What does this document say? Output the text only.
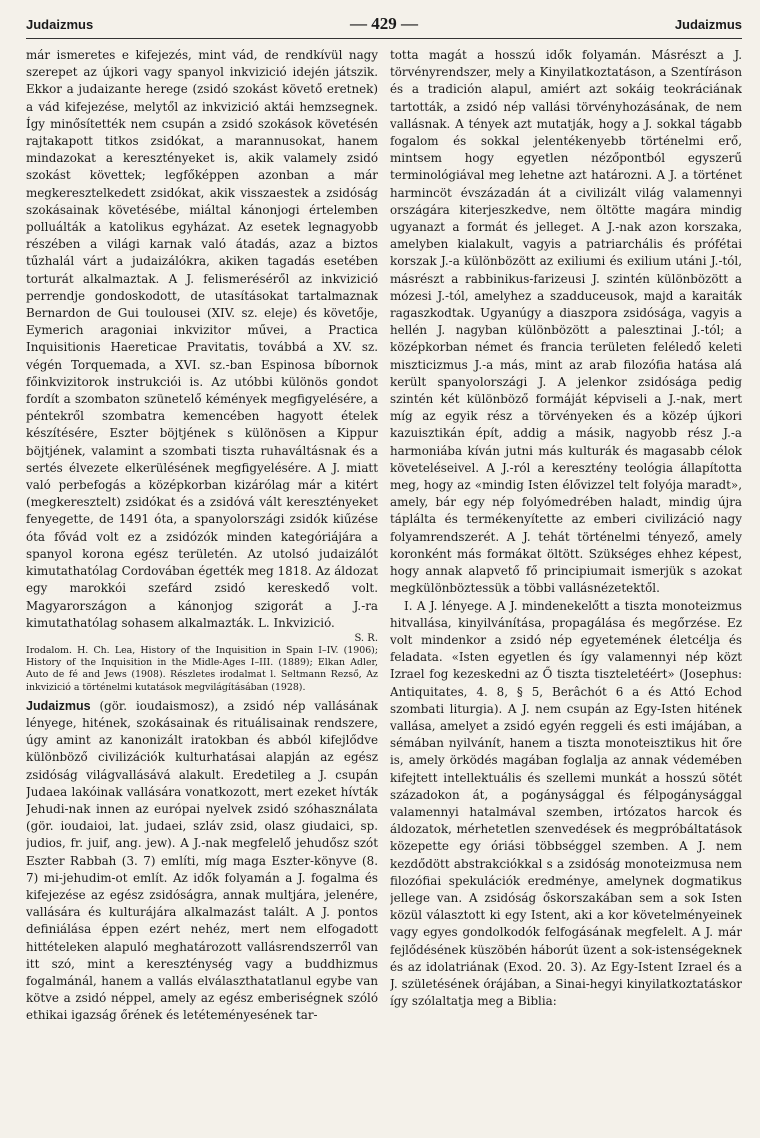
Judaizmus	— 429 —	Judaizmus

már ismeretes e kifejezés, mint vád, de rendkívül nagy szerepet az újkori vagy spanyol inkvizició idején játszik. Ekkor a judaizante herege (zsidó szokást követő eretnek) a vád kifejezése, melytől az inkvizició aktái hemzsegnek. Így minősítették nem csupán a zsidó szokások követésén rajtakapott titkos zsidókat, a marannusokat, hanem mindazokat a keresztényeket is, akik valamely zsidó szokást követtek; legfőképpen azonban a már megkeresztelkedett zsidókat, akik visszaestek a zsidóság szokásainak követésébe, miáltal kánonjogi értelemben polluálták a katolikus egyházat. Az esetek legnagyobb részében a világi karnak való átadás, azaz a biztos tűzhalál várt a judaizálókra, akiken tagadás esetében torturát alkalmaztak. A J. felismeréséről az inkvizició perrendje gondoskodott, de utasításokat tartalmaznak Bernardon de Gui toulousei (XIV. sz. eleje) és követője, Eymerich aragoniai inkvizitor művei, a Practica Inquisitionis Haereticae Pravitatis, továbbá a XV. sz. végén Torquemada, a XVI. sz.-ban Espinosa bíbornok főinkvizitorok instrukciói is. Az utóbbi különös gondot fordít a szombaton szünetelő kémények megfigyelésére, a péntekről szombatra kemencében hagyott ételek készítésére, Eszter böjtjének s különösen a Kippur böjtjének, valamint a szombati tiszta ruhaváltásnak és a sertés élvezete elkerülésének megfigyelésére. A J. miatt való perbefogás a középkorban kizárólag már a kitért (megkeresztelt) zsidókat és a zsidóvá vált keresztényeket fenyegette, de 1491 óta, a spanyolországi zsidók kiűzése óta fővád volt ez a zsidózók minden kategóriájára a spanyol korona egész területén. Az utolsó judaizálót kimutathatólag Cordovában égették meg 1818. Az áldozat egy marokkói szefárd zsidó kereskedő volt. Magyarországon a kánonjog szigorát a J.-ra kimutathatólag sohasem alkalmazták. L. Inkvizició.

S. R.

Irodalom. H. Ch. Lea, History of the Inquisition in Spain I–IV. (1906); History of the Inquisition in the Midle-Ages I–III. (1889); Elkan Adler, Auto de fé and Jews (1908). Részletes irodalmat l. Seltmann Rezső, Az inkvizició a történelmi kutatások megvilágításában (1928).

Judaizmus (gör. ioudaismosz), a zsidó nép vallásának lényege, hitének, szokásainak és rituálisainak rendszere, úgy amint az kanonizált iratokban és abból kifejlődve különböző civilizációk kulturhatásai alapján az egész zsidóság világvallásává alakult. Eredetileg a J. csupán Judaea lakóinak vallására vonatkozott, mert ezeket hívták Jehudi-nak innen az európai nyelvek zsidó szóhasználata (gör. ioudaioi, lat. judaei, szláv zsid, olasz giudaici, sp. judios, fr. juif, ang. jew). A J.-nak megfelelő jehudősz szót Eszter Rabbah (3. 7) említi, míg maga Eszter-könyve (8. 7) mi-jehudim-ot említ. Az idők folyamán a J. fogalma és kifejezése az egész zsidóságra, annak multjára, jelenére, vallására és kulturájára alkalmazást talált. A J. pontos definiálása éppen ezért nehéz, mert nem elfogadott hittételeken alapuló meghatározott vallásrendszerről van itt szó, mint a kereszténység vagy a buddhizmus fogalmánál, hanem a vallás elválaszthatatlanul egybe van kötve a zsidó néppel, amely az egész emberiségnek szóló ethikai igazság őrének és letéteményesének tar-

totta magát a hosszú idők folyamán. Másrészt a J. törvényrendszer, mely a Kinyilatkoztatáson, a Szentíráson és a tradición alapul, amiért azt sokáig teokráciának tartották, a zsidó nép vallási törvényhozásának, de nem vallásnak. A tények azt mutatják, hogy a J. sokkal tágabb fogalom és sokkal jelentékenyebb történelmi erő, mintsem hogy egyetlen nézőpontból egyszerű terminológiával meg lehetne azt határozni. A J. a történet harmincöt évszázadán át a civilizált világ valamennyi országára kiterjeszkedve, nem öltötte magára mindig ugyanazt a formát és jelleget. A J.-nak azon korszaka, amelyben kialakult, vagyis a patriarchális és prófétai korszak J.-a különbözött az exiliumi és exilium utáni J.-tól, másrészt a rabbinikus-farizeusi J. szintén különbözött a mózesi J.-tól, amelyhez a szadduceusok, majd a karaiták ragaszkodtak. Ugyanúgy a diaszpora zsidósága, vagyis a hellén J. nagyban különbözött a palesztinai J.-tól; a középkorban német és francia területen feléledő keleti miszticizmus J.-a más, mint az arab filozófia hatása alá került spanyolországi J. A jelenkor zsidósága pedig szintén két különböző formáját képviseli a J.-nak, mert míg az egyik rész a törvényeken és a közép újkori kazuisztikán épít, addig a másik, nagyobb rész J.-a harmoniába kíván jutni más kulturák és magasabb célok követeléseivel. A J.-ról a keresztény teológia állapította meg, hogy az «mindig Isten élővizzel telt folyója maradt», amely, bár egy nép folyómedrében haladt, mindig újra táplálta és termékenyítette az emberi civilizáció nagy folyamrendszerét. A J. tehát történelmi tényező, amely koronként más formákat öltött. Szükséges ehhez képest, hogy annak alapvető fő principiumait ismerjük s azokat megkülönböztessük a többi vallásnézetektől.

I. A J. lényege. A J. mindenekelőtt a tiszta monoteizmus hitvallása, kinyilvánítása, propagálása és megőrzése. Ez volt mindenkor a zsidó nép egyetemének életcélja és feladata. «Isten egyetlen és így valamennyi nép közt Izrael fog kezeskedni az Ő tiszta tiszteletéért» (Josephus: Antiquitates, 4. 8, § 5, Berâchót 6 a és Attó Echod szombati liturgia). A J. nem csupán az Egy-Isten hitének vallása, amelyet a zsidó egyén reggeli és esti imájában, a sémában nyilvánít, hanem a tiszta monoteisztikus hit őre is, amely örködés magában foglalja az annak védemében kifejtett intellektuális és szellemi munkát a hosszú sötét századokon át, a pogánysággal és félpogánysággal valamennyi hatalmával szemben, irtózatos harcok és áldozatok, mérhetetlen szenvedések és megpróbáltatások közepette egy óriási többséggel szemben. A J. nem kezdődött abstrakciókkal s a zsidóság monoteizmusa nem filozófiai spekulációk eredménye, amelynek dogmatikus jellege van. A zsidóság őskorszakában sem a sok Isten közül választott ki egy Istent, aki a kor követelményeinek vagy egyes gondolkodók felfogásának megfelelt. A J. már fejlődésének küszöbén háborút üzent a sok-istenségeknek és az idolatriának (Exod. 20. 3). Az Egy-Istent Izrael és a J. születésének órájában, a Sinai-hegyi kinyilatkoztatáskor így szólaltatja meg a Biblia:
